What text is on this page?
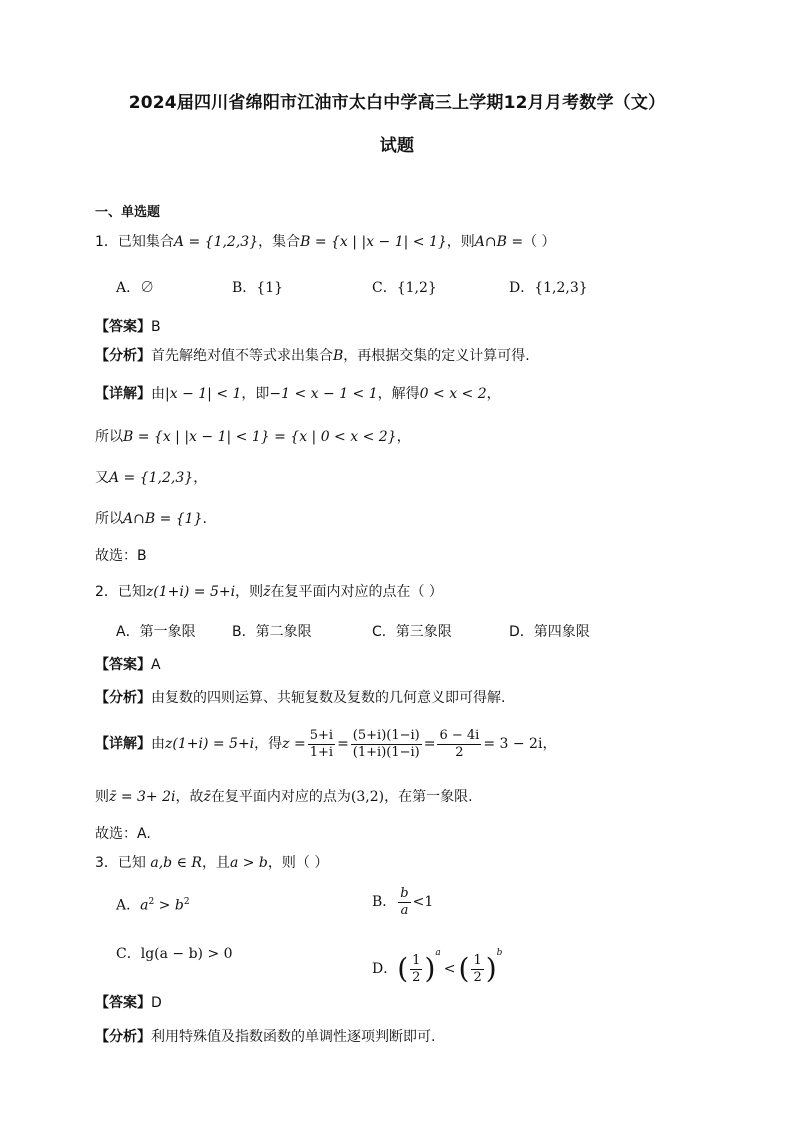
2024届四川省绵阳市江油市太白中学高三上学期12月月考数学（文）
试题
一、单选题
1．已知集合A = {1,2,3}，集合B = {x | |x − 1| < 1}，则A∩B =（ ）
A．∅	B．{1}	C．{1,2}	D．{1,2,3}
【答案】B
【分析】首先解绝对值不等式求出集合B，再根据交集的定义计算可得.
【详解】由|x − 1| < 1，即−1 < x − 1 < 1，解得0 < x < 2，
所以B = {x | |x − 1| < 1} = {x | 0 < x < 2}，
又A = {1,2,3}，
所以A∩B = {1}.
故选：B
2．已知z(1+i) = 5+i，则z̄在复平面内对应的点在（ ）
A．第一象限	B．第二象限	C．第三象限	D．第四象限
【答案】A
【分析】由复数的四则运算、共轭复数及复数的几何意义即可得解.
【详解】由z(1+i) = 5+i，得$z = \frac{5+i}{1+i} = \frac{(5+i)(1-i)}{(1+i)(1-i)} = \frac{6 - 4i}{2} = 3 - 2i$，
则z̄ = 3+ 2i，故z̄在复平面内对应的点为(3,2)，在第一象限.
故选：A.
3．已知 a,b ∈ R，且a > b，则（ ）
A．$a^2 > b^2$	B． $\frac{b}{a} <1$
C．lg(a − b) > 0
D．( $\frac{1}{2} )^a<$ ( $\frac{1}{2} )^b$
【答案】D
【分析】利用特殊值及指数函数的单调性逐项判断即可.
